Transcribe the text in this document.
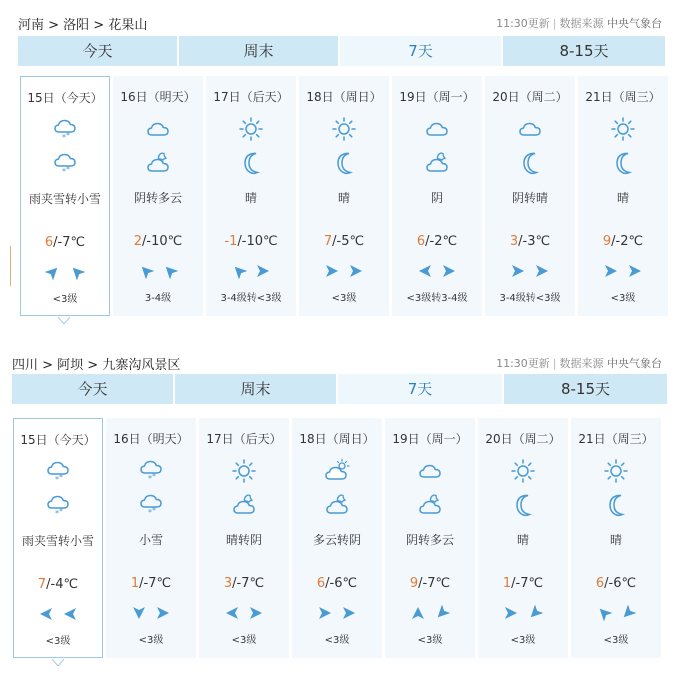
河南 > 洛阳 > 花果山	11:30更新 | 数据来源 中央气象台
今天	周末	7天	8-15天
15日（今天）
雨夹雪转小雪
6/-7℃
<3级
16日（明天）
阴转多云
2/-10℃
3-4级
17日（后天）
晴
-1/-10℃
3-4级转<3级
18日（周日）
晴
7/-5℃
<3级
19日（周一）
阴
6/-2℃
<3级转3-4级
20日（周二）
阴转晴
3/-3℃
3-4级转<3级
21日（周三）
晴
9/-2℃
<3级
四川 > 阿坝 > 九寨沟风景区	11:30更新 | 数据来源 中央气象台
今天	周末	7天	8-15天
15日（今天）
雨夹雪转小雪
7/-4℃
<3级
16日（明天）
小雪
1/-7℃
<3级
17日（后天）
晴转阴
3/-7℃
<3级
18日（周日）
多云转阴
6/-6℃
<3级
19日（周一）
阴转多云
9/-7℃
<3级
20日（周二）
晴
1/-7℃
<3级
21日（周三）
晴
6/-6℃
<3级
